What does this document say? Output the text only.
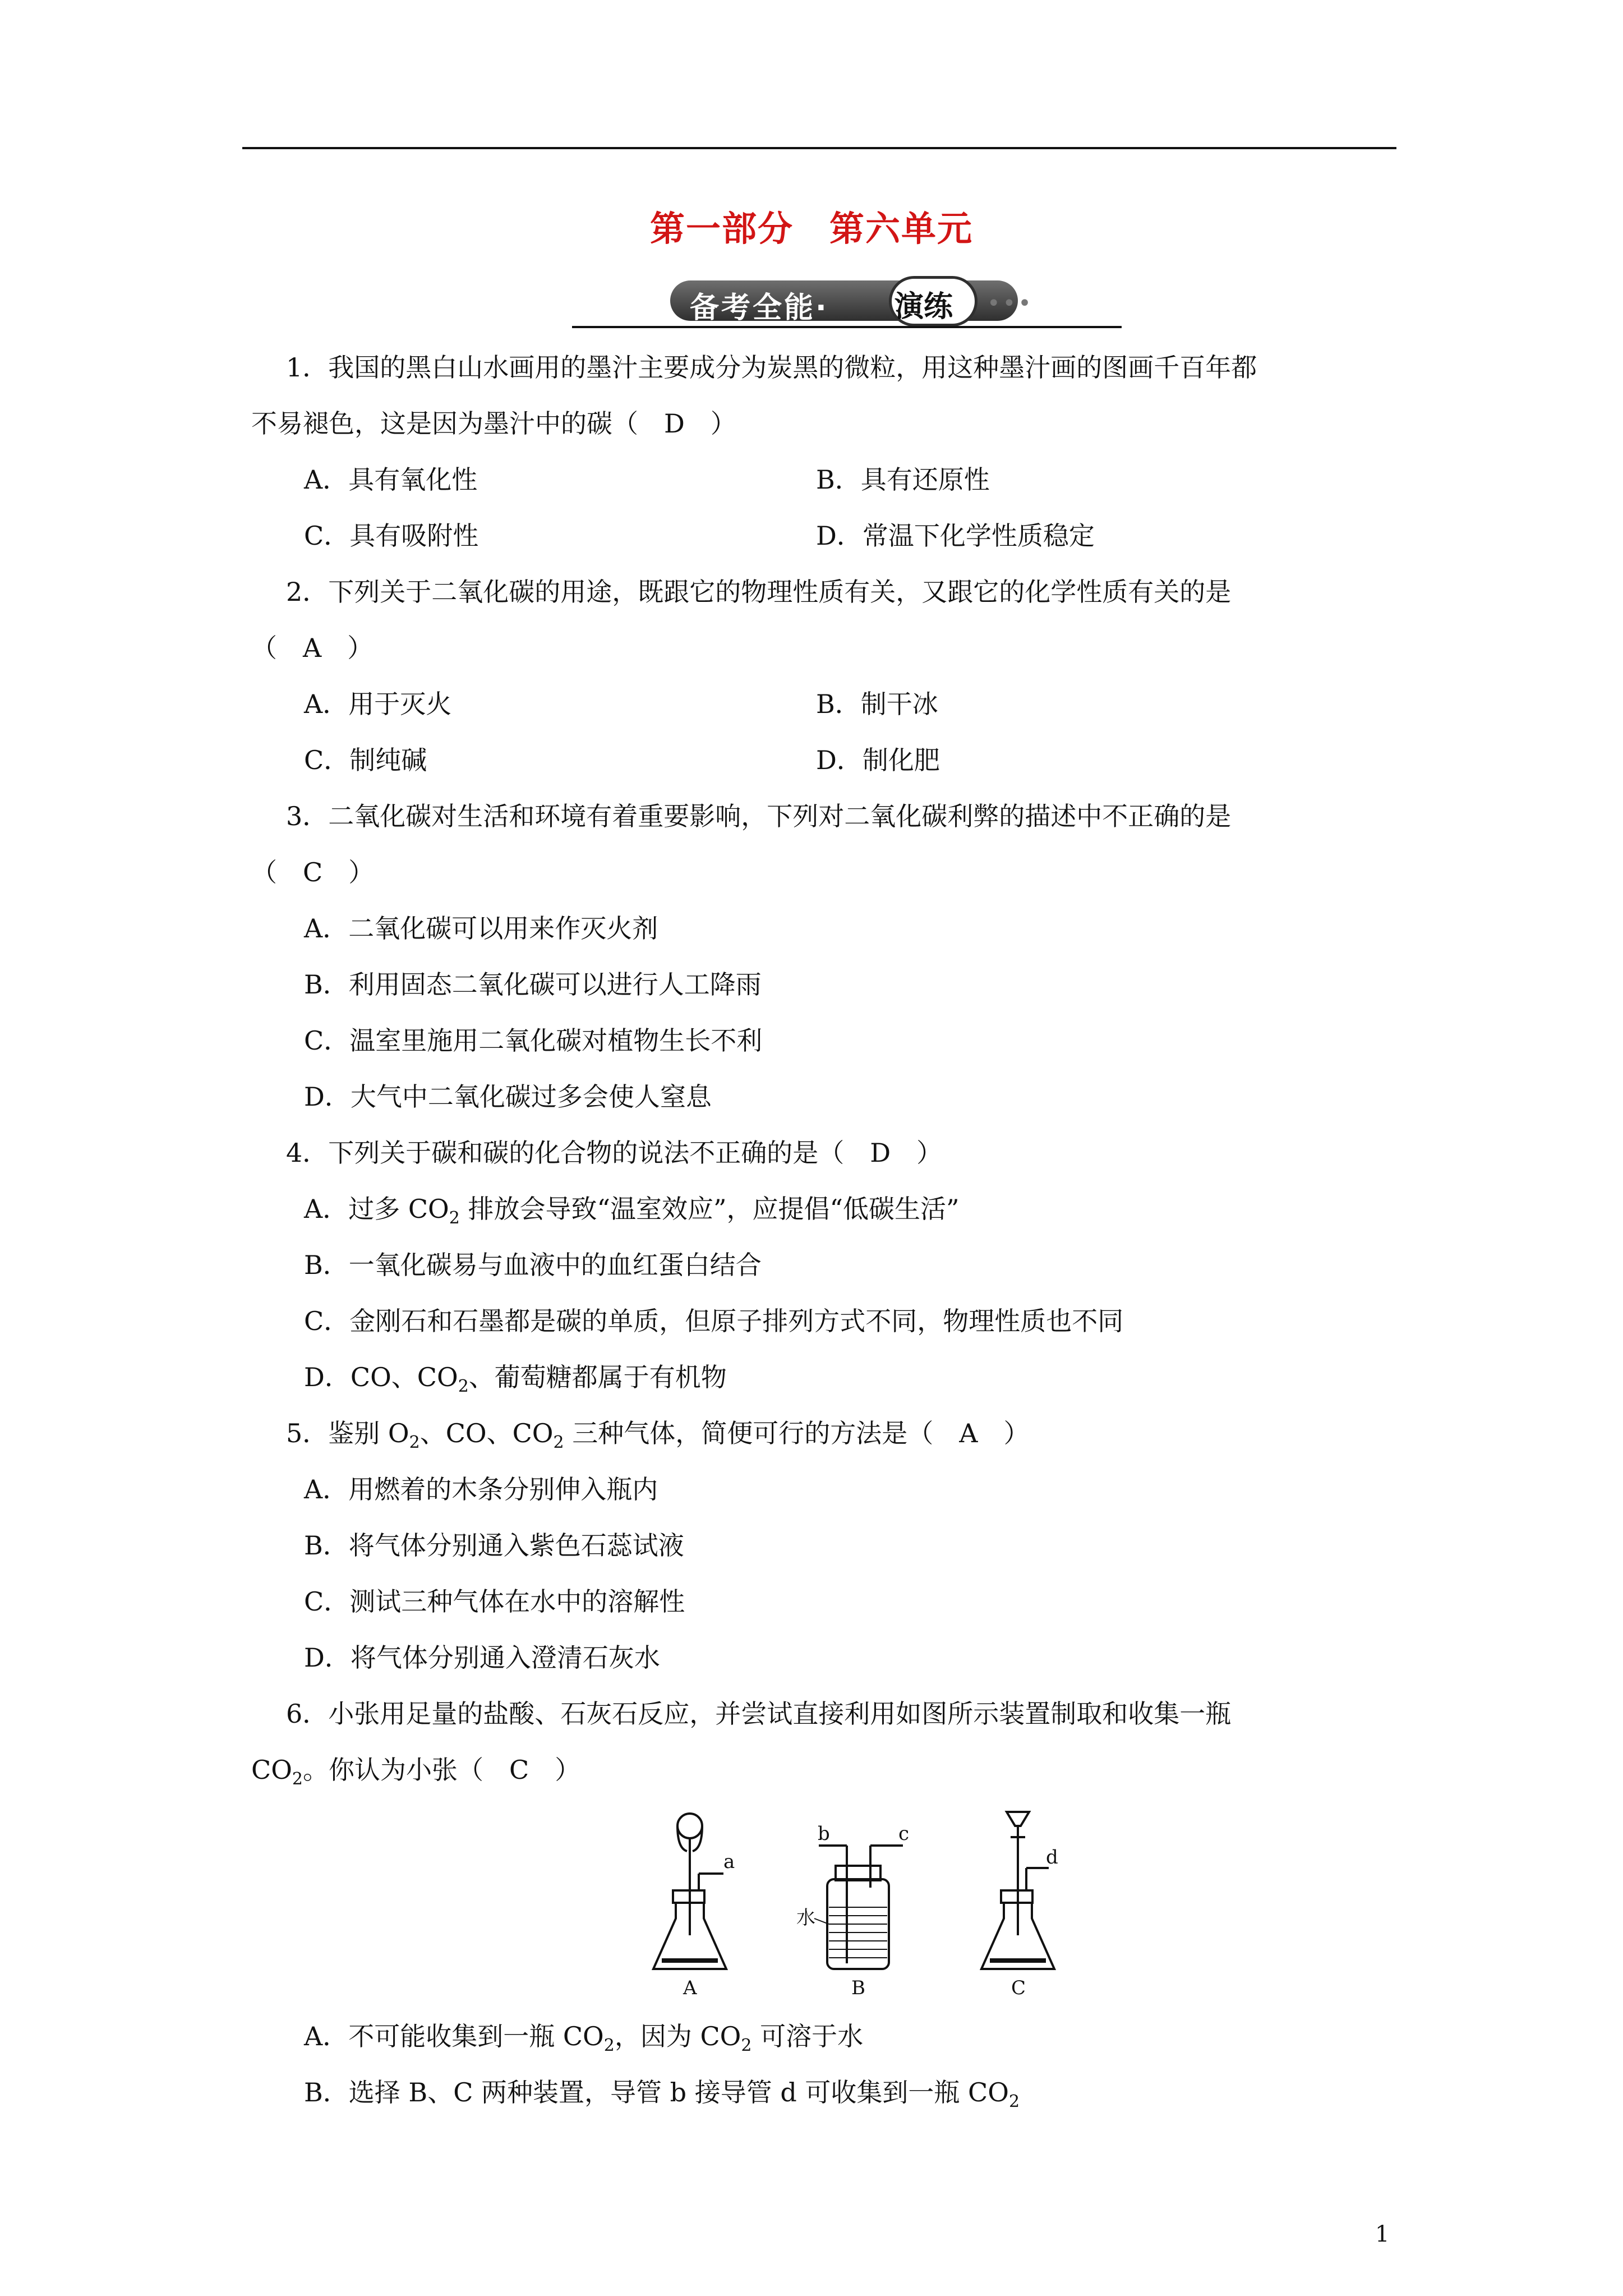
第一部分　第六单元
备考全能· 演练 •••
1．我国的黑白山水画用的墨汁主要成分为炭黑的微粒，用这种墨汁画的图画千百年都
不易褪色，这是因为墨汁中的碳（　D　）
A．具有氧化性	B．具有还原性
C．具有吸附性	D．常温下化学性质稳定
2．下列关于二氧化碳的用途，既跟它的物理性质有关，又跟它的化学性质有关的是
（　A　）
A．用于灭火	B．制干冰
C．制纯碱	D．制化肥
3．二氧化碳对生活和环境有着重要影响，下列对二氧化碳利弊的描述中不正确的是
（　C　）
A．二氧化碳可以用来作灭火剂
B．利用固态二氧化碳可以进行人工降雨
C．温室里施用二氧化碳对植物生长不利
D．大气中二氧化碳过多会使人窒息
4．下列关于碳和碳的化合物的说法不正确的是（　D　）
A．过多 $CO_2$ 排放会导致“温室效应”，应提倡“低碳生活”
B．一氧化碳易与血液中的血红蛋白结合
C．金刚石和石墨都是碳的单质，但原子排列方式不同，物理性质也不同
D．CO、$CO_2$、葡萄糖都属于有机物
5．鉴别 $O_2$、CO、$CO_2$ 三种气体，简便可行的方法是（　A　）
A．用燃着的木条分别伸入瓶内
B．将气体分别通入紫色石蕊试液
C．测试三种气体在水中的溶解性
D．将气体分别通入澄清石灰水
6．小张用足量的盐酸、石灰石反应，并尝试直接利用如图所示装置制取和收集一瓶
$CO_2$。你认为小张（　C　）
a
b	c
水
d
A	B	C
A．不可能收集到一瓶 $CO_2$，因为 $CO_2$ 可溶于水
B．选择 B、C 两种装置，导管 b 接导管 d 可收集到一瓶 $CO_2$
1
